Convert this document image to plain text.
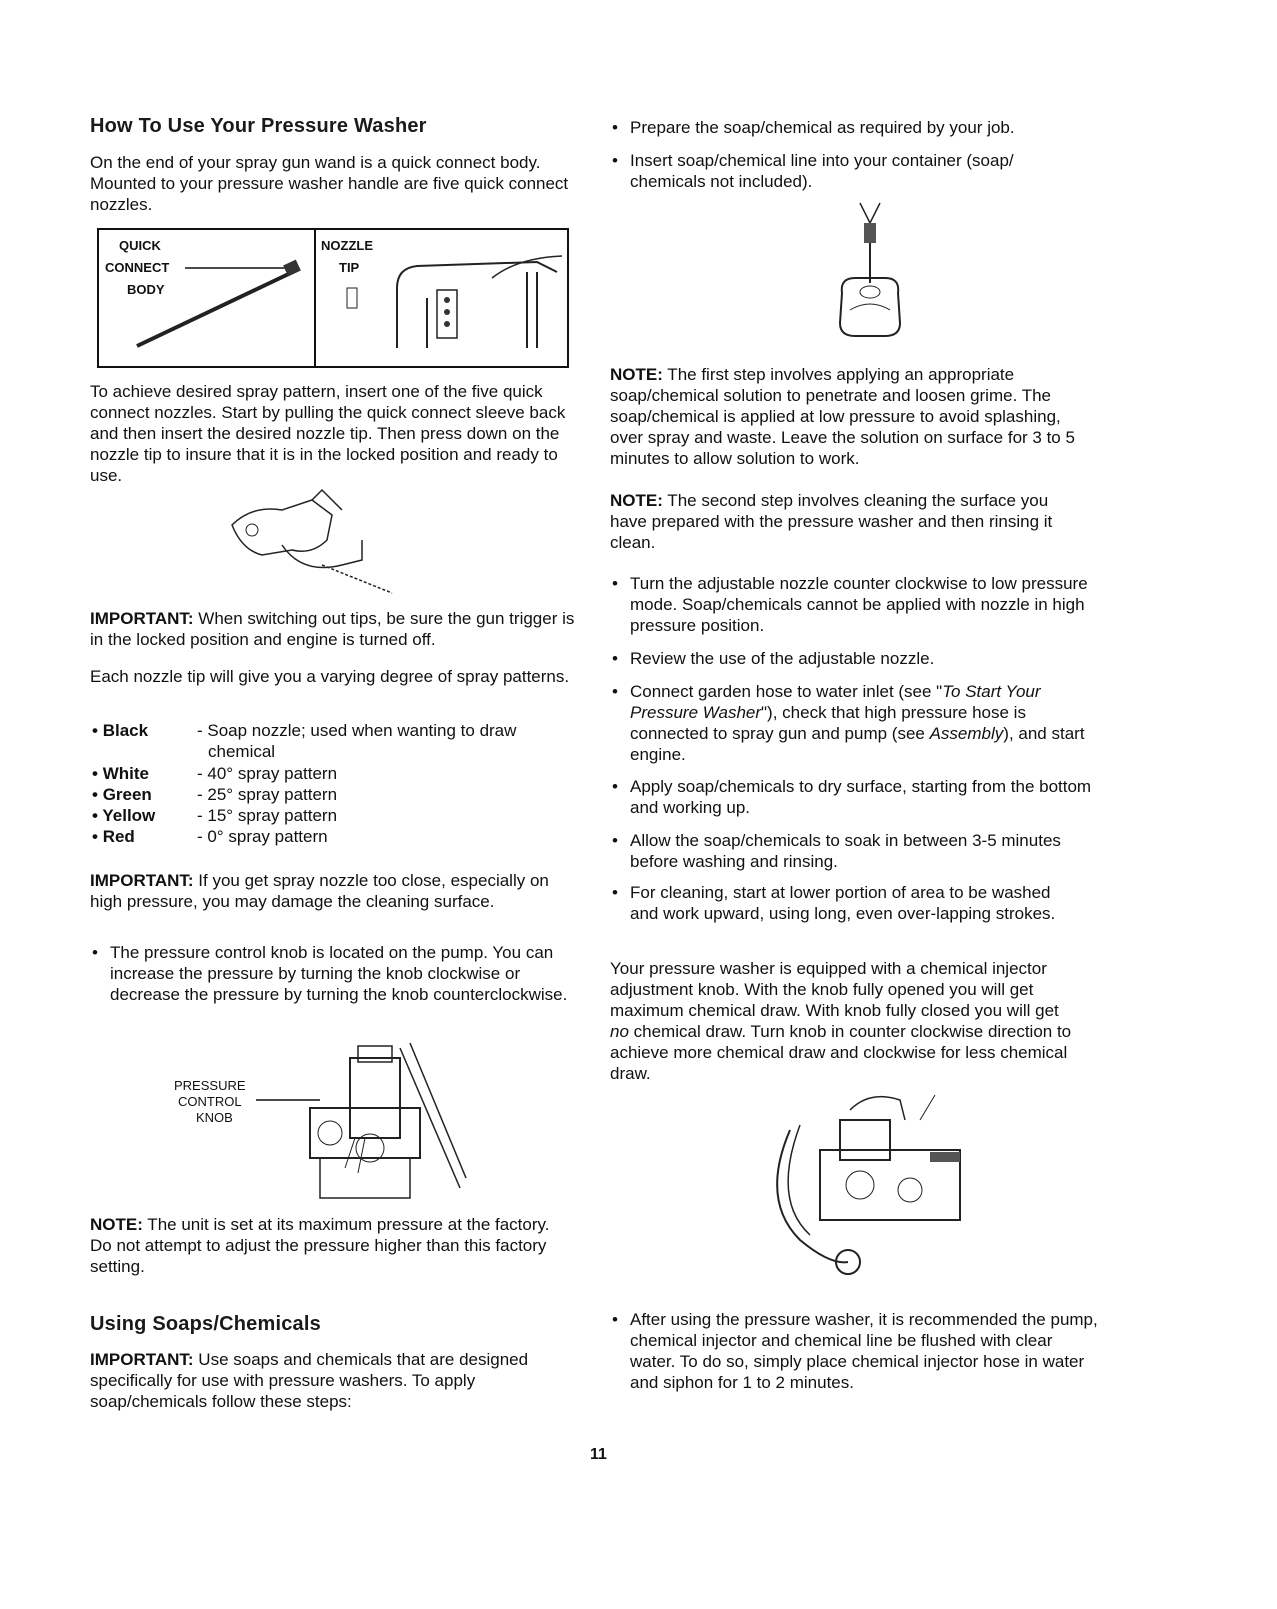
How To Use Your Pressure Washer

On the end of your spray gun wand is a quick connect body. Mounted to your pressure washer handle are five quick connect nozzles.

QUICK
CONNECT
BODY
NOZZLE
TIP

To achieve desired spray pattern, insert one of the five quick connect nozzles. Start by pulling the quick connect sleeve back and then insert the desired nozzle tip. Then press down on the nozzle tip to insure that it is in the locked position and ready to use.

IMPORTANT: When switching out tips, be sure the gun trigger is in the locked position and engine is turned off.

Each nozzle tip will give you a varying degree of spray patterns.

• Black	- Soap nozzle; used when wanting to draw
chemical
• White	- 40° spray pattern
• Green	- 25° spray pattern
• Yellow - 15° spray pattern
• Red	- 0° spray pattern

IMPORTANT: If you get spray nozzle too close, especially on high pressure, you may damage the cleaning surface.

• The pressure control knob is located on the pump. You can increase the pressure by turning the knob clockwise or decrease the pressure by turning the knob counterclockwise.

PRESSURE
CONTROL
KNOB

NOTE: The unit is set at its maximum pressure at the factory. Do not attempt to adjust the pressure higher than this factory setting.

Using Soaps/Chemicals

IMPORTANT: Use soaps and chemicals that are designed specifically for use with pressure washers. To apply soap/chemicals follow these steps:

• Prepare the soap/chemical as required by your job.

• Insert soap/chemical line into your container (soap/ chemicals not included).

NOTE: The first step involves applying an appropriate soap/chemical solution to penetrate and loosen grime. The soap/chemical is applied at low pressure to avoid splashing, over spray and waste. Leave the solution on surface for 3 to 5 minutes to allow solution to work.

NOTE: The second step involves cleaning the surface you have prepared with the pressure washer and then rinsing it clean.

• Turn the adjustable nozzle counter clockwise to low pressure mode. Soap/chemicals cannot be applied with nozzle in high pressure position.

• Review the use of the adjustable nozzle.

• Connect garden hose to water inlet (see "To Start Your Pressure Washer"), check that high pressure hose is connected to spray gun and pump (see Assembly), and start engine.

• Apply soap/chemicals to dry surface, starting from the bottom and working up.

• Allow the soap/chemicals to soak in between 3-5 minutes before washing and rinsing.

• For cleaning, start at lower portion of area to be washed and work upward, using long, even over-lapping strokes.

Your pressure washer is equipped with a chemical injector adjustment knob. With the knob fully opened you will get maximum chemical draw. With knob fully closed you will get no chemical draw. Turn knob in counter clockwise direction to achieve more chemical draw and clockwise for less chemical draw.

• After using the pressure washer, it is recommended the pump, chemical injector and chemical line be flushed with clear water. To do so, simply place chemical injector hose in water and siphon for 1 to 2 minutes.

11
